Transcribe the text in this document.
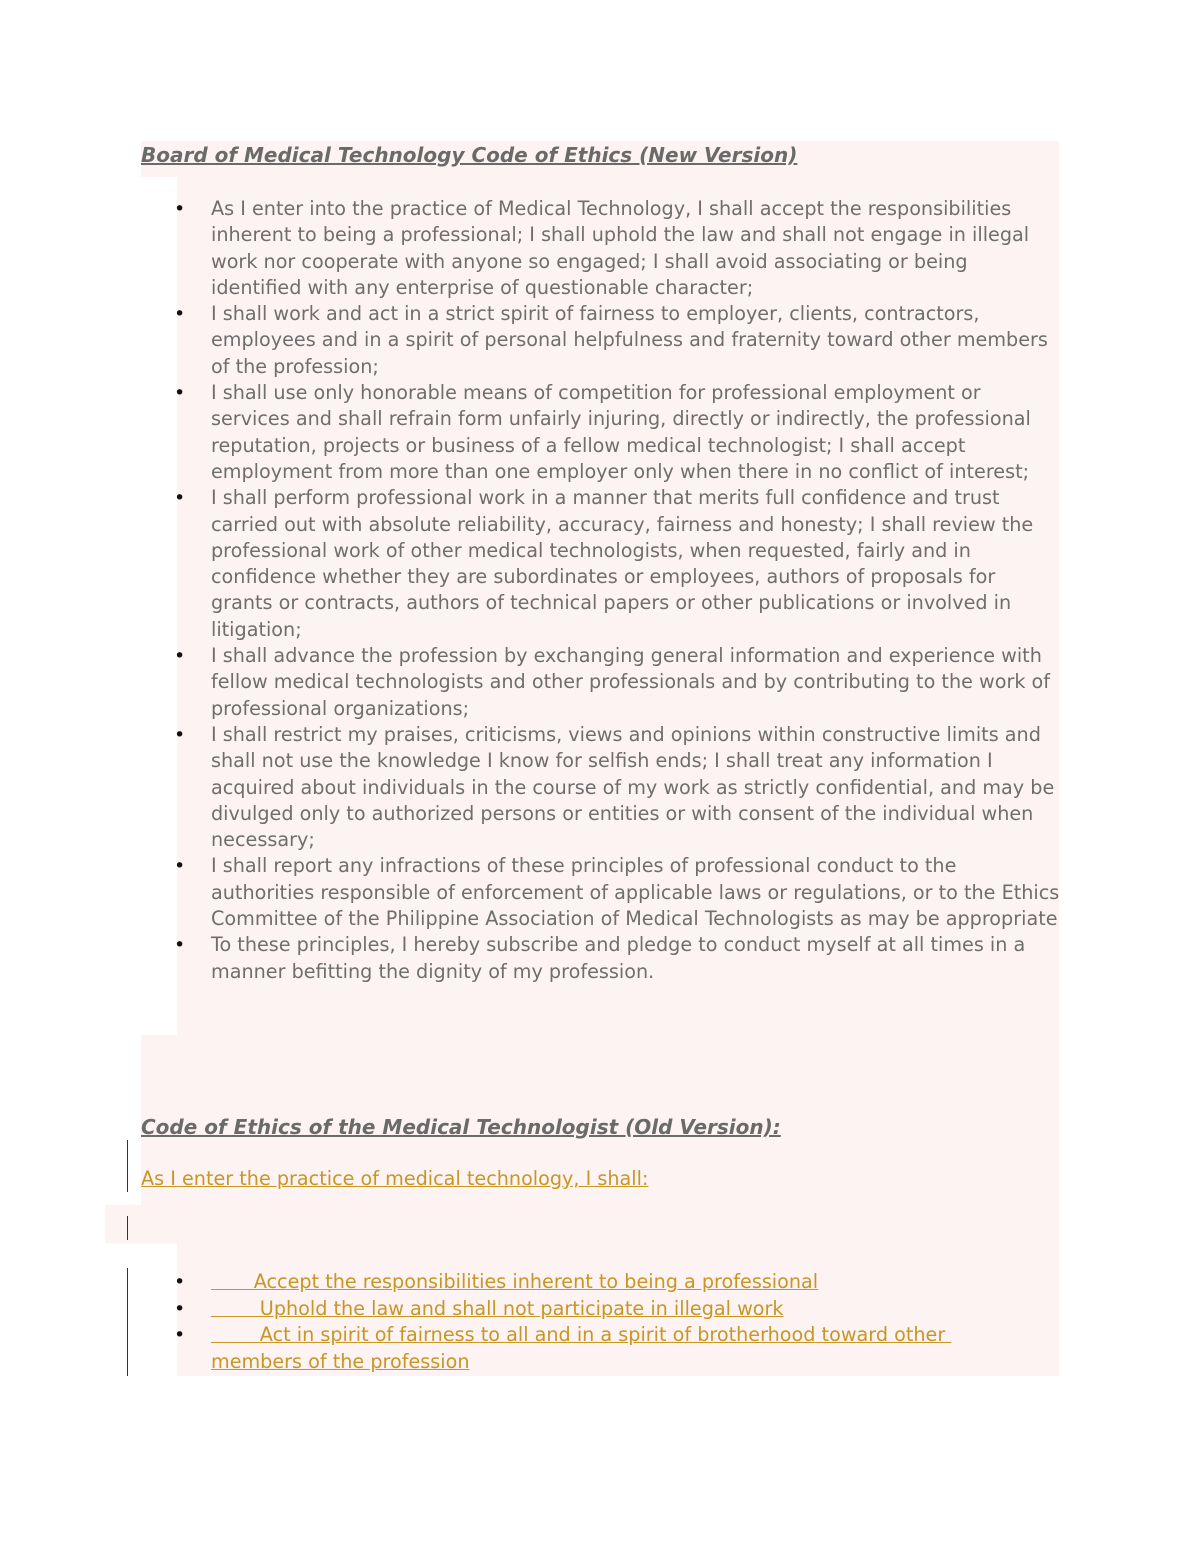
Board of Medical Technology Code of Ethics (New Version)
• As I enter into the practice of Medical Technology, I shall accept the responsibilities inherent to being a professional; I shall uphold the law and shall not engage in illegal work nor cooperate with anyone so engaged; I shall avoid associating or being identified with any enterprise of questionable character;
• I shall work and act in a strict spirit of fairness to employer, clients, contractors, employees and in a spirit of personal helpfulness and fraternity toward other members of the profession;
• I shall use only honorable means of competition for professional employment or services and shall refrain form unfairly injuring, directly or indirectly, the professional reputation, projects or business of a fellow medical technologist; I shall accept employment from more than one employer only when there in no conflict of interest;
• I shall perform professional work in a manner that merits full confidence and trust carried out with absolute reliability, accuracy, fairness and honesty; I shall review the professional work of other medical technologists, when requested, fairly and in confidence whether they are subordinates or employees, authors of proposals for grants or contracts, authors of technical papers or other publications or involved in litigation;
• I shall advance the profession by exchanging general information and experience with fellow medical technologists and other professionals and by contributing to the work of professional organizations;
• I shall restrict my praises, criticisms, views and opinions within constructive limits and shall not use the knowledge I know for selfish ends; I shall treat any information I acquired about individuals in the course of my work as strictly confidential, and may be divulged only to authorized persons or entities or with consent of the individual when necessary;
• I shall report any infractions of these principles of professional conduct to the authorities responsible of enforcement of applicable laws or regulations, or to the Ethics Committee of the Philippine Association of Medical Technologists as may be appropriate
• To these principles, I hereby subscribe and pledge to conduct myself at all times in a manner befitting the dignity of my profession.
Code of Ethics of the Medical Technologist (Old Version):

As I enter the practice of medical technology, I shall:

• Accept the responsibilities inherent to being a professional
• Uphold the law and shall not participate in illegal work
• Act in spirit of fairness to all and in a spirit of brotherhood toward other members of the profession
